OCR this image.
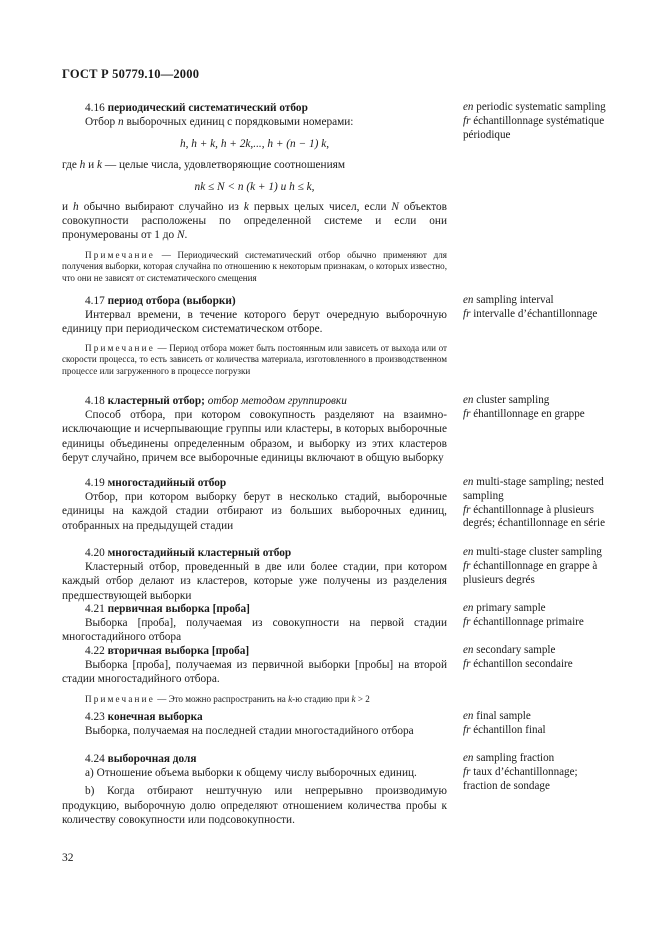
ГОСТ Р 50779.10—2000

4.16 периодический систематический отбор

Отбор n выборочных единиц с порядковыми номерами:

h, h + k, h + 2k,..., h + (n − 1) k,

где h и k — целые числа, удовлетворяющие соотношениям

nk ≤ N < n (k + 1) и h ≤ k,

и h обычно выбирают случайно из k первых целых чисел, если N объектов совокупности расположены по определенной системе и если они пронумерованы от 1 до N.

Примечание — Периодический систематический отбор обычно применяют для получения выборки, которая случайна по отношению к некоторым признакам, о которых известно, что они не зависят от систематического смещения

4.17 период отбора (выборки)

Интервал времени, в течение которого берут очередную выборочную единицу при периодическом систематическом отборе.

Примечание — Период отбора может быть постоянным или зависеть от выхода или от скорости процесса, то есть зависеть от количества материала, изготовленного в производственном процессе или загруженного в процессе погрузки

4.18 кластерный отбор; отбор методом группировки

Способ отбора, при котором совокупность разделяют на взаимно-исключающие и исчерпывающие группы или кластеры, в которых выборочные единицы объединены определенным образом, и выборку из этих кластеров берут случайно, причем все выборочные единицы включают в общую выборку

4.19 многостадийный отбор

Отбор, при котором выборку берут в несколько стадий, выборочные единицы на каждой стадии отбирают из больших выборочных единиц, отобранных на предыдущей стадии

4.20 многостадийный кластерный отбор

Кластерный отбор, проведенный в две или более стадии, при котором каждый отбор делают из кластеров, которые уже получены из разделения предшествующей выборки

4.21 первичная выборка [проба]

Выборка [проба], получаемая из совокупности на первой стадии многостадийного отбора

4.22 вторичная выборка [проба]

Выборка [проба], получаемая из первичной выборки [пробы] на второй стадии многостадийного отбора.

Примечание — Это можно распространить на k-ю стадию при k > 2

4.23 конечная выборка

Выборка, получаемая на последней стадии многостадийного отбора

4.24 выборочная доля

а) Отношение объема выборки к общему числу выборочных единиц.

b) Когда отбирают нештучную или непрерывно производимую продукцию, выборочную долю определяют отношением количества пробы к количеству совокупности или подсовокупности.

en periodic systematic sampling
fr échantillonnage systématique périodique
en sampling interval
fr intervalle d’échantillonnage
en cluster sampling
fr éhantillonnage en grappe
en multi-stage sampling; nested sampling
fr échantillonnage à plusieurs degrés; échantillonnage en série
en multi-stage cluster sampling
fr échantillonnage en grappe à plusieurs degrés
en primary sample
fr échantillonnage primaire
en secondary sample
fr échantillon secondaire
en final sample
fr échantillon final
en sampling fraction
fr taux d’échantillonnage; fraction de sondage
32
